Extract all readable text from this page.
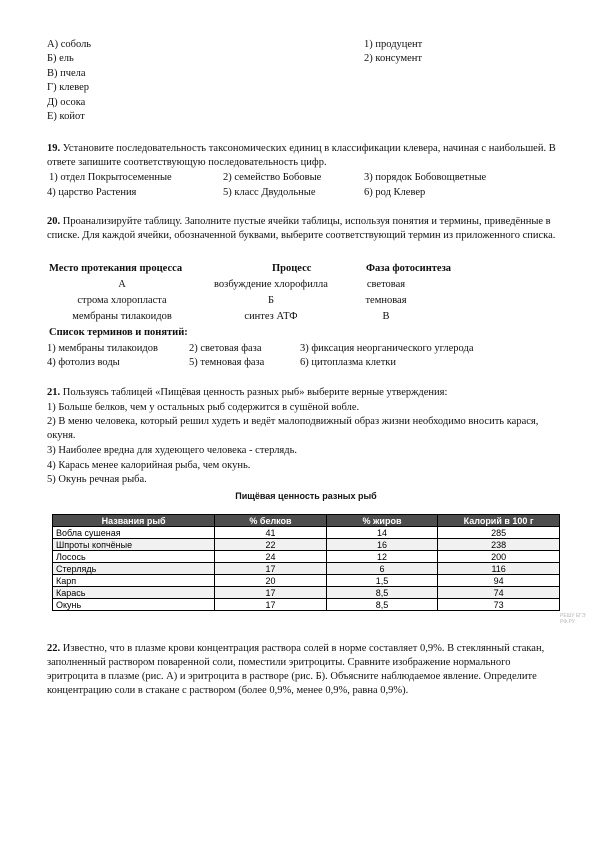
А) соболь
Б) ель
В) пчела
Г) клевер
Д) осока
Е) койот
1) продуцент
2) консумент
19. Установите последовательность таксономических единиц в классификации клевера, начиная с наибольшей. В ответе запишите соответствующую последовательность цифр.
1) отдел Покрытосеменные	2) семейство Бобовые	3) порядок Бобовощветные
4) царство Растения	5) класс Двудольные	6) род Клевер
20. Проанализируйте таблицу. Заполните пустые ячейки таблицы, используя понятия и термины, приведённые в списке. Для каждой ячейки, обозначенной буквами, выберите соответствующий термин из приложенного списка.
Место протекания процесса	Процесс	Фаза фотосинтеза
А	возбуждение хлорофилла	световая
строма хлоропласта	Б	темновая
мембраны тилакоидов	синтез АТФ	В
Список терминов и понятий:
1) мембраны тилакоидов	2) световая фаза	3) фиксация неорганического углерода
4) фотолиз воды	5) темновая фаза	6) цитоплазма клетки
21. Пользуясь таблицей «Пищёвая ценность разных рыб» выберите верные утверждения:
1) Больше белков, чем у остальных рыб содержится в сушёной вобле.
2) В меню человека, который решил худеть и ведёт малоподвижный образ жизни необходимо вносить карася, окуня.
3) Наиболее вредна для худеющего человека - стерлядь.
4) Карась менее калорийная рыба, чем окунь.
5) Окунь речная рыба.
Пищёвая ценность разных рыб
Названия рыб	% белков	% жиров	Калорий в 100 г
Вобла сушеная	41	14	285
Шпроты копчёные	22	16	238
Лосось	24	12	200
Стерлядь	17	6	116
Карп	20	1,5	94
Карась	17	8,5	74
Окунь	17	8,5	73
РЕШУ ЕГЭ
РФ.РУ
22. Известно, что в плазме крови концентрация раствора солей в норме составляет 0,9%. В стеклянный стакан, заполненный раствором поваренной соли, поместили эритроциты. Сравните изображение нормального эритроцита в плазме (рис. А) и эритроцита в растворе (рис. Б). Объясните наблюдаемое явление. Определите концентрацию соли в стакане с раствором (более 0,9%, менее 0,9%, равна 0,9%).
